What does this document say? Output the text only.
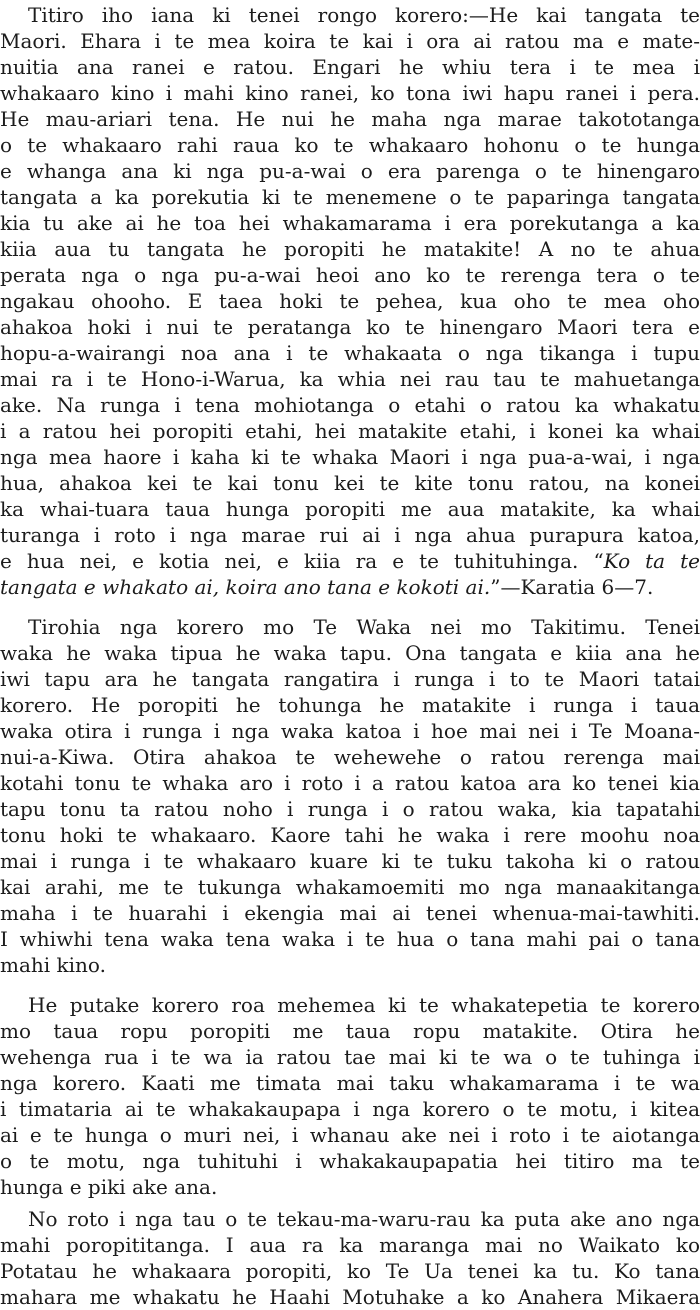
Titiro iho iana ki tenei rongo korero:—He kai tangata te
Maori. Ehara i te mea koira te kai i ora ai ratou ma e mate-
nuitia ana ranei e ratou. Engari he whiu tera i te mea i
whakaaro kino i mahi kino ranei, ko tona iwi hapu ranei i pera.
He mau-ariari tena. He nui he maha nga marae takototanga
o te whakaaro rahi raua ko te whakaaro hohonu o te hunga
e whanga ana ki nga pu-a-wai o era parenga o te hinengaro
tangata a ka porekutia ki te menemene o te paparinga tangata
kia tu ake ai he toa hei whakamarama i era porekutanga a ka
kiia aua tu tangata he poropiti he matakite! A no te ahua
perata nga o nga pu-a-wai heoi ano ko te rerenga tera o te
ngakau ohooho. E taea hoki te pehea, kua oho te mea oho
ahakoa hoki i nui te peratanga ko te hinengaro Maori tera e
hopu-a-wairangi noa ana i te whakaata o nga tikanga i tupu
mai ra i te Hono-i-Warua, ka whia nei rau tau te mahuetanga
ake. Na runga i tena mohiotanga o etahi o ratou ka whakatu
i a ratou hei poropiti etahi, hei matakite etahi, i konei ka whai
nga mea haore i kaha ki te whaka Maori i nga pua-a-wai, i nga
hua, ahakoa kei te kai tonu kei te kite tonu ratou, na konei
ka whai-tuara taua hunga poropiti me aua matakite, ka whai
turanga i roto i nga marae rui ai i nga ahua purapura katoa,
e hua nei, e kotia nei, e kiia ra e te tuhituhinga. “Ko ta te
tangata e whakato ai, koira ano tana e kokoti ai.”—Karatia 6—7.
Tirohia nga korero mo Te Waka nei mo Takitimu. Tenei
waka he waka tipua he waka tapu. Ona tangata e kiia ana he
iwi tapu ara he tangata rangatira i runga i to te Maori tatai
korero. He poropiti he tohunga he matakite i runga i taua
waka otira i runga i nga waka katoa i hoe mai nei i Te Moana-
nui-a-Kiwa. Otira ahakoa te wehewehe o ratou rerenga mai
kotahi tonu te whaka aro i roto i a ratou katoa ara ko tenei kia
tapu tonu ta ratou noho i runga i o ratou waka, kia tapatahi
tonu hoki te whakaaro. Kaore tahi he waka i rere moohu noa
mai i runga i te whakaaro kuare ki te tuku takoha ki o ratou
kai arahi, me te tukunga whakamoemiti mo nga manaakitanga
maha i te huarahi i ekengia mai ai tenei whenua-mai-tawhiti.
I whiwhi tena waka tena waka i te hua o tana mahi pai o tana
mahi kino.
He putake korero roa mehemea ki te whakatepetia te korero
mo taua ropu poropiti me taua ropu matakite. Otira he
wehenga rua i te wa ia ratou tae mai ki te wa o te tuhinga i
nga korero. Kaati me timata mai taku whakamarama i te wa
i timataria ai te whakakaupapa i nga korero o te motu, i kitea
ai e te hunga o muri nei, i whanau ake nei i roto i te aiotanga
o te motu, nga tuhituhi i whakakaupapatia hei titiro ma te
hunga e piki ake ana.
No roto i nga tau o te tekau-ma-waru-rau ka puta ake ano nga
mahi poropititanga. I aua ra ka maranga mai no Waikato ko
Potatau he whakaara poropiti, ko Te Ua tenei ka tu. Ko tana
mahara me whakatu he Haahi Motuhake a ko Anahera Mikaera
